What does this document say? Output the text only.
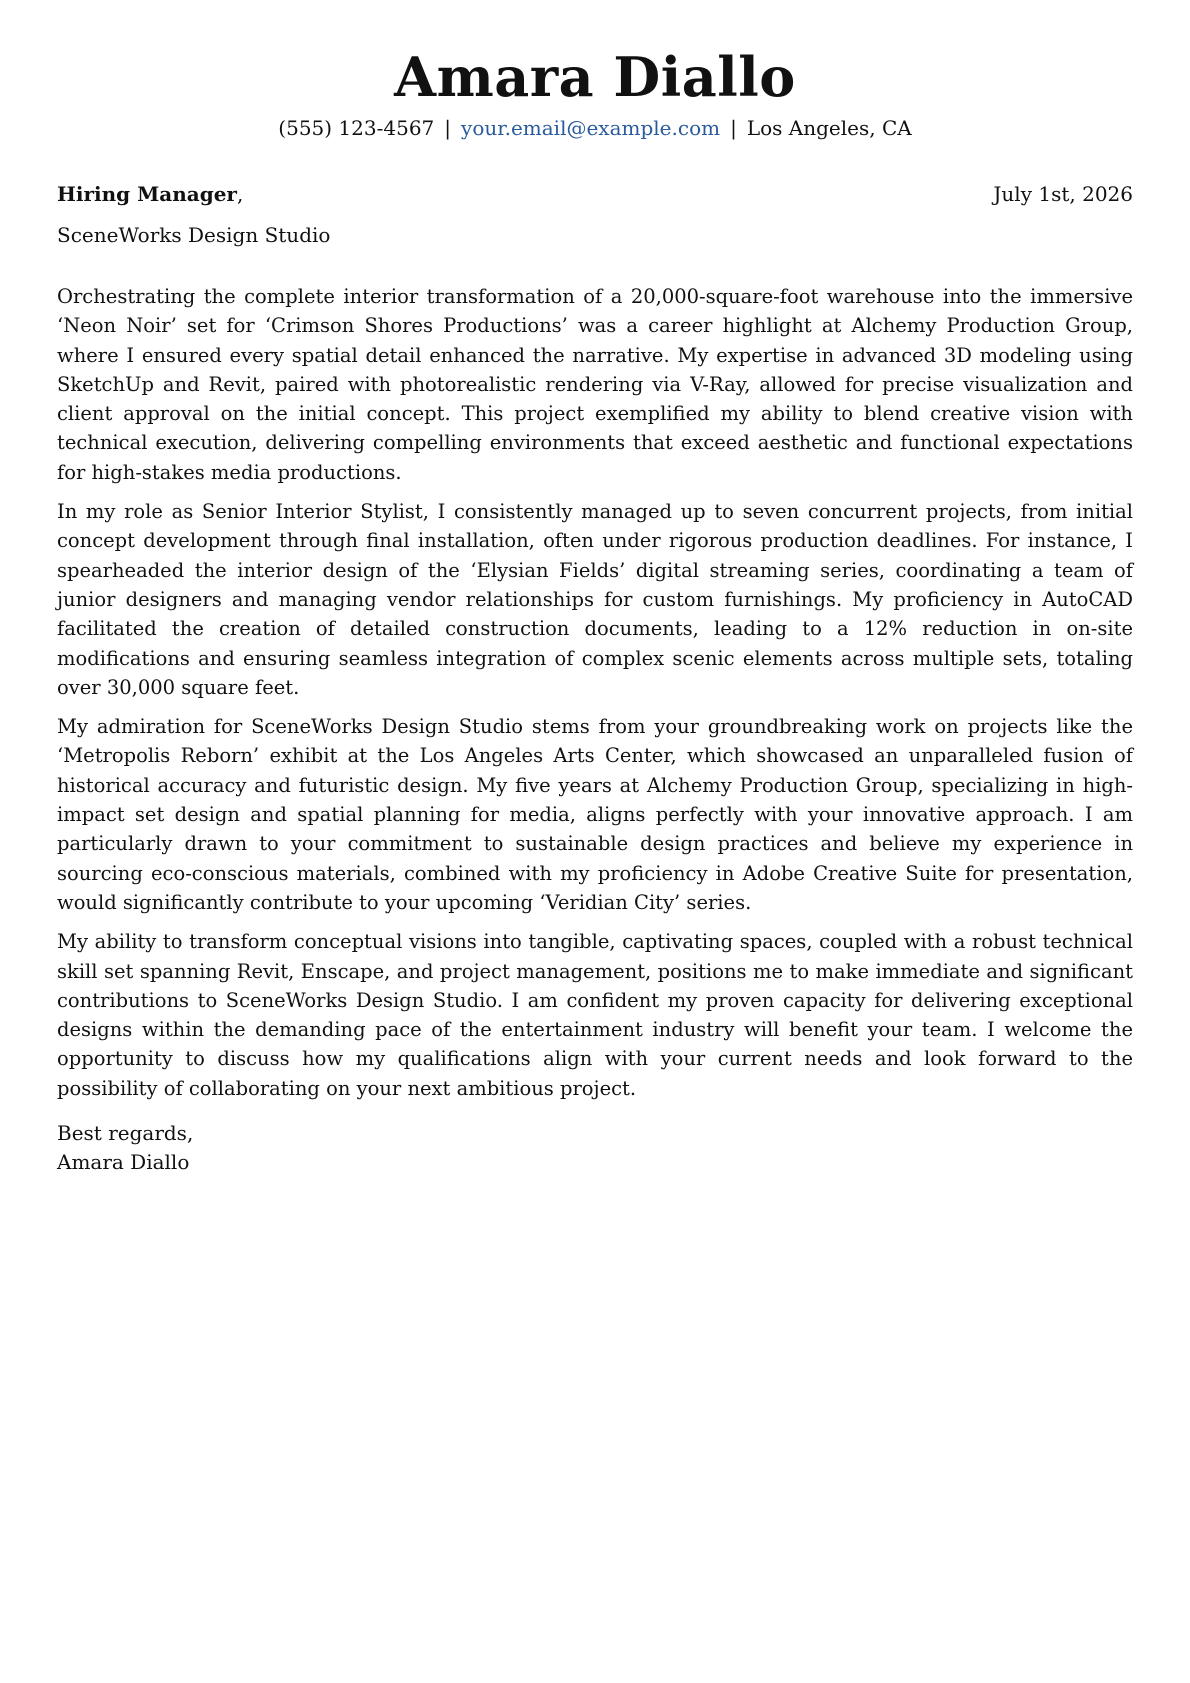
Amara Diallo
(555) 123-4567 | your.email@example.com | Los Angeles, CA
Hiring Manager,	July 1st, 2026
SceneWorks Design Studio

Orchestrating the complete interior transformation of a 20,000-square-foot warehouse into the immersive ‘Neon Noir’ set for ‘Crimson Shores Productions’ was a career highlight at Alchemy Production Group, where I ensured every spatial detail enhanced the narrative. My expertise in advanced 3D modeling using SketchUp and Revit, paired with photorealistic rendering via V-Ray, allowed for precise visualization and client approval on the initial concept. This project exemplified my ability to blend creative vision with technical execution, delivering compelling environments that exceed aesthetic and functional expectations for high-stakes media productions.

In my role as Senior Interior Stylist, I consistently managed up to seven concurrent projects, from initial concept development through final installation, often under rigorous production deadlines. For instance, I spearheaded the interior design of the ‘Elysian Fields’ digital streaming series, coordinating a team of junior designers and managing vendor relationships for custom furnishings. My proficiency in AutoCAD facilitated the creation of detailed construction documents, leading to a 12% reduction in on-site modifications and ensuring seamless integration of complex scenic elements across multiple sets, totaling over 30,000 square feet.

My admiration for SceneWorks Design Studio stems from your groundbreaking work on projects like the ‘Metropolis Reborn’ exhibit at the Los Angeles Arts Center, which showcased an unparalleled fusion of historical accuracy and futuristic design. My five years at Alchemy Production Group, specializing in high-impact set design and spatial planning for media, aligns perfectly with your innovative approach. I am particularly drawn to your commitment to sustainable design practices and believe my experience in sourcing eco-conscious materials, combined with my proficiency in Adobe Creative Suite for presentation, would significantly contribute to your upcoming ‘Veridian City’ series.

My ability to transform conceptual visions into tangible, captivating spaces, coupled with a robust technical skill set spanning Revit, Enscape, and project management, positions me to make immediate and significant contributions to SceneWorks Design Studio. I am confident my proven capacity for delivering exceptional designs within the demanding pace of the entertainment industry will benefit your team. I welcome the opportunity to discuss how my qualifications align with your current needs and look forward to the possibility of collaborating on your next ambitious project.

Best regards,
Amara Diallo
